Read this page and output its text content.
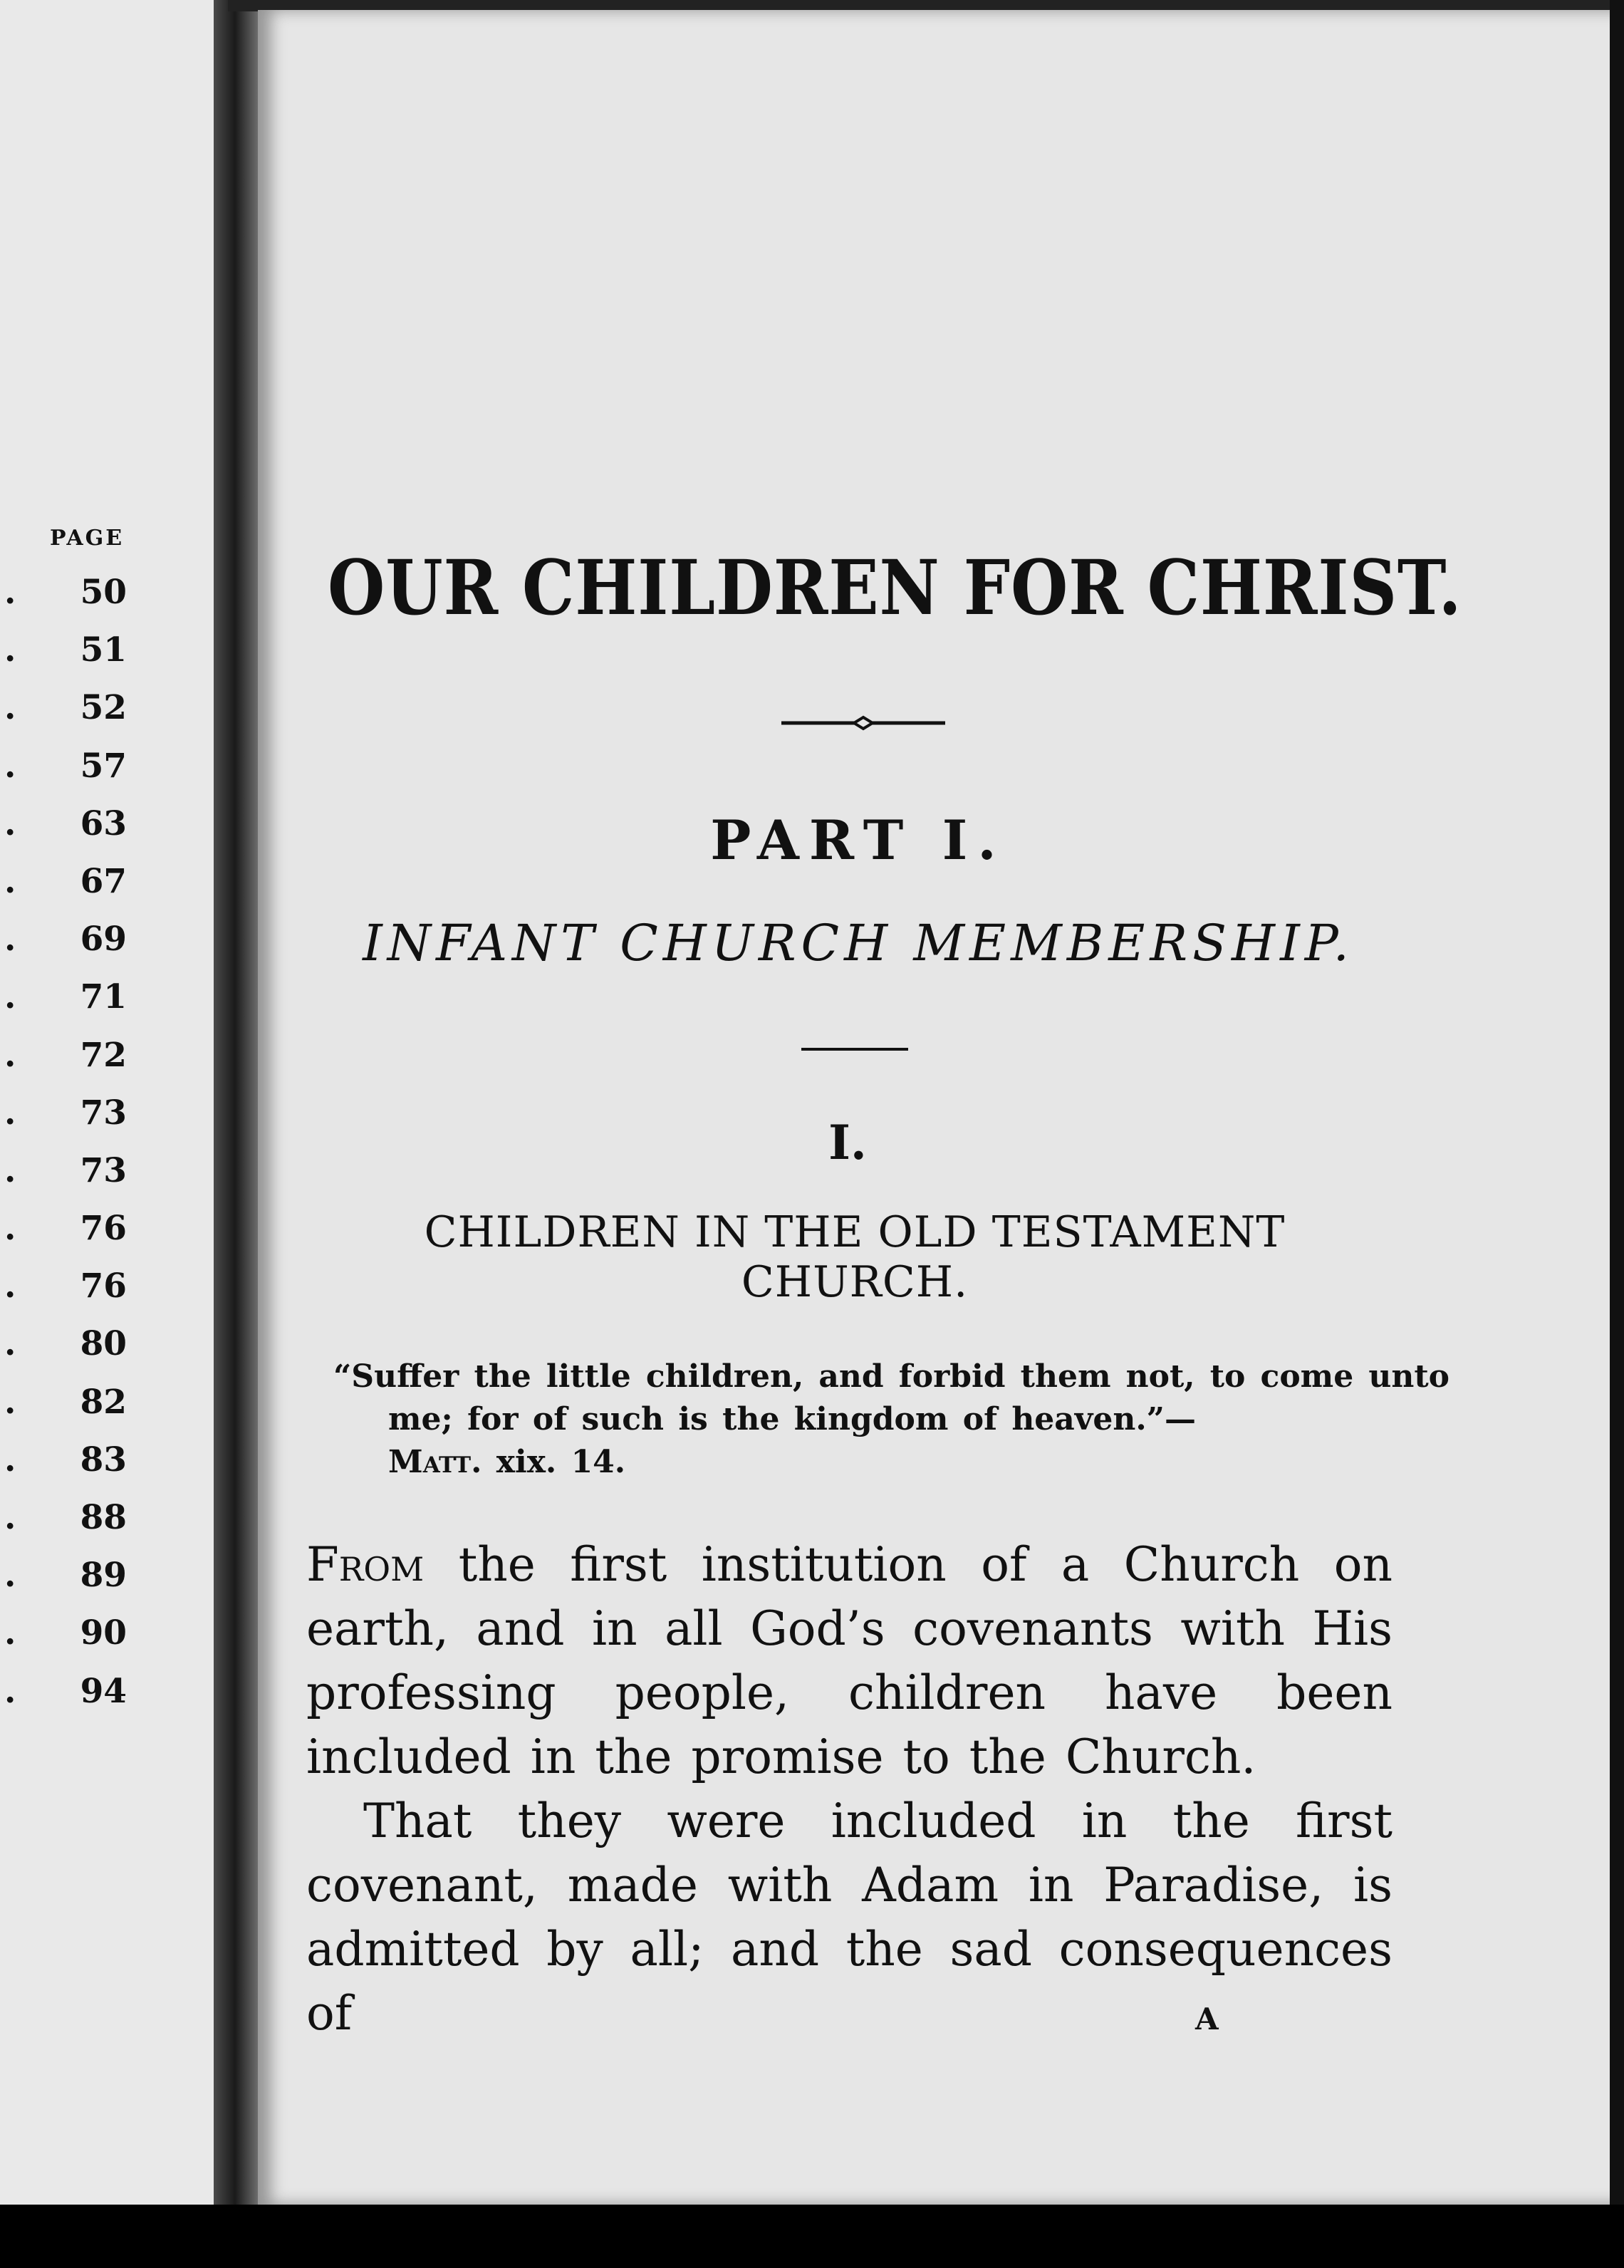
PAGE
. 50
. 51
. 52
. 57
. 63
. 67
. 69
. 71
. 72
. 73
. 73
. 76
. 76
. 80
. 82
. 83
. 88
. 89
. 90
. 94
OUR CHILDREN FOR CHRIST.
PART I.
INFANT CHURCH MEMBERSHIP.
I.
CHILDREN IN THE OLD TESTAMENT CHURCH.
“Suffer the little children, and forbid them not, to come unto me; for of such is the kingdom of heaven.”—
Matt. xix. 14.

From the first institution of a Church on earth, and in all God’s covenants with His professing people, children have been included in the promise to the Church.

That they were included in the first covenant, made with Adam in Paradise, is admitted by all; and the sad consequences of	A
